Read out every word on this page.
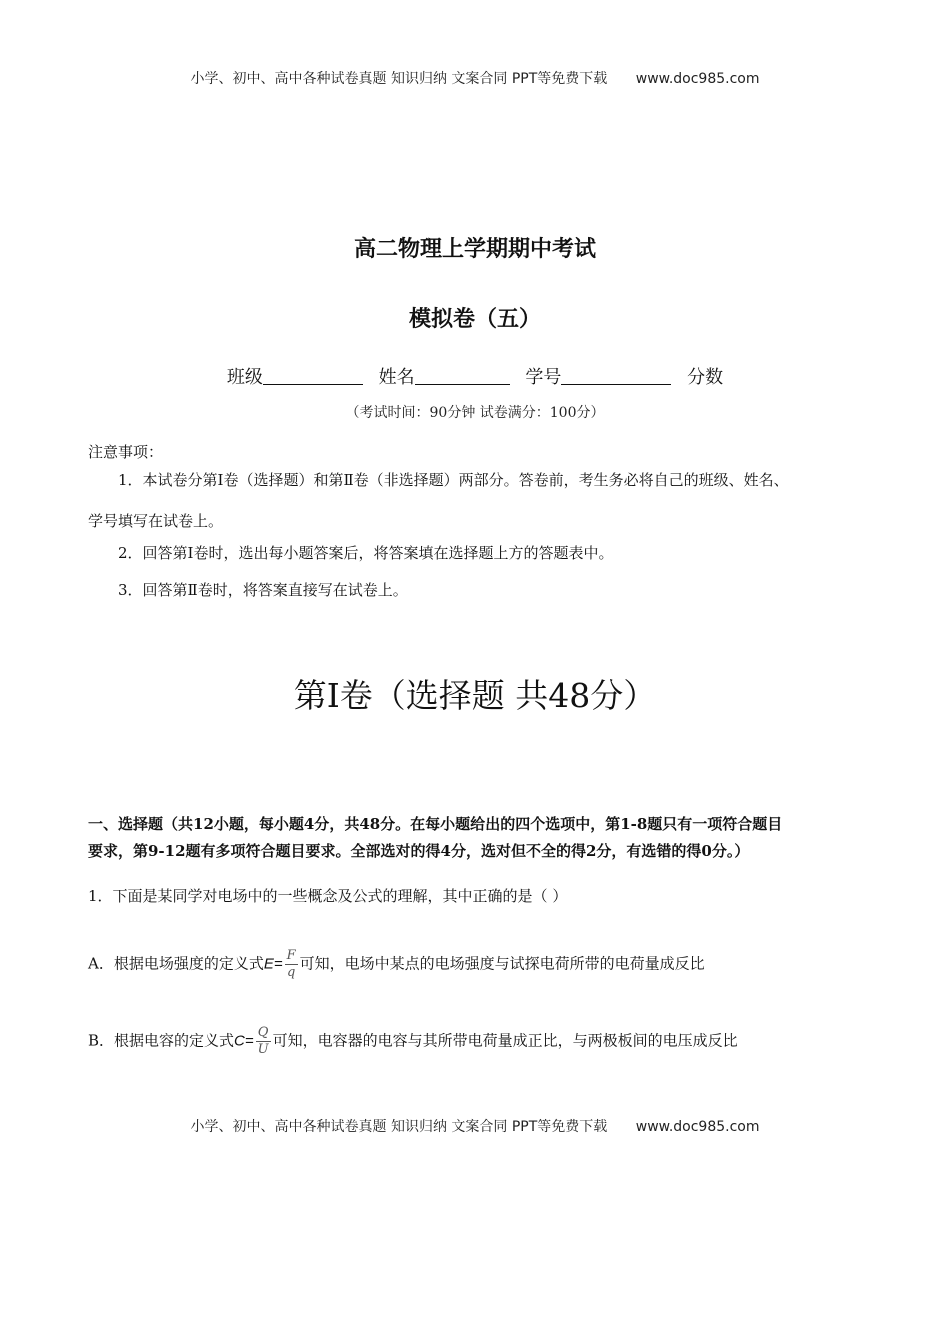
小学、初中、高中各种试卷真题 知识归纳 文案合同 PPT等免费下载 www.doc985.com
高二物理上学期期中考试
模拟卷（五）
班级	姓名	学号	分数
（考试时间：90分钟 试卷满分：100分）
注意事项：
1．本试卷分第Ⅰ卷（选择题）和第Ⅱ卷（非选择题）两部分。答卷前，考生务必将自己的班级、姓名、
学号填写在试卷上。
2．回答第Ⅰ卷时，选出每小题答案后，将答案填在选择题上方的答题表中。
3．回答第Ⅱ卷时，将答案直接写在试卷上。
第Ⅰ卷（选择题 共48分）
一、选择题（共12小题，每小题4分，共48分。在每小题给出的四个选项中，第1-8题只有一项符合题目
要求，第9-12题有多项符合题目要求。全部选对的得4分，选对但不全的得2分，有选错的得0分。）
1．下面是某同学对电场中的一些概念及公式的理解，其中正确的是（ ）
A．根据电场强度的定义式$E= \frac{F}{q}$ 可知，电场中某点的电场强度与试探电荷所带的电荷量成反比
B．根据电容的定义式$C= \frac{Q}{U}$ 可知，电容器的电容与其所带电荷量成正比，与两极板间的电压成反比
小学、初中、高中各种试卷真题 知识归纳 文案合同 PPT等免费下载 www.doc985.com
